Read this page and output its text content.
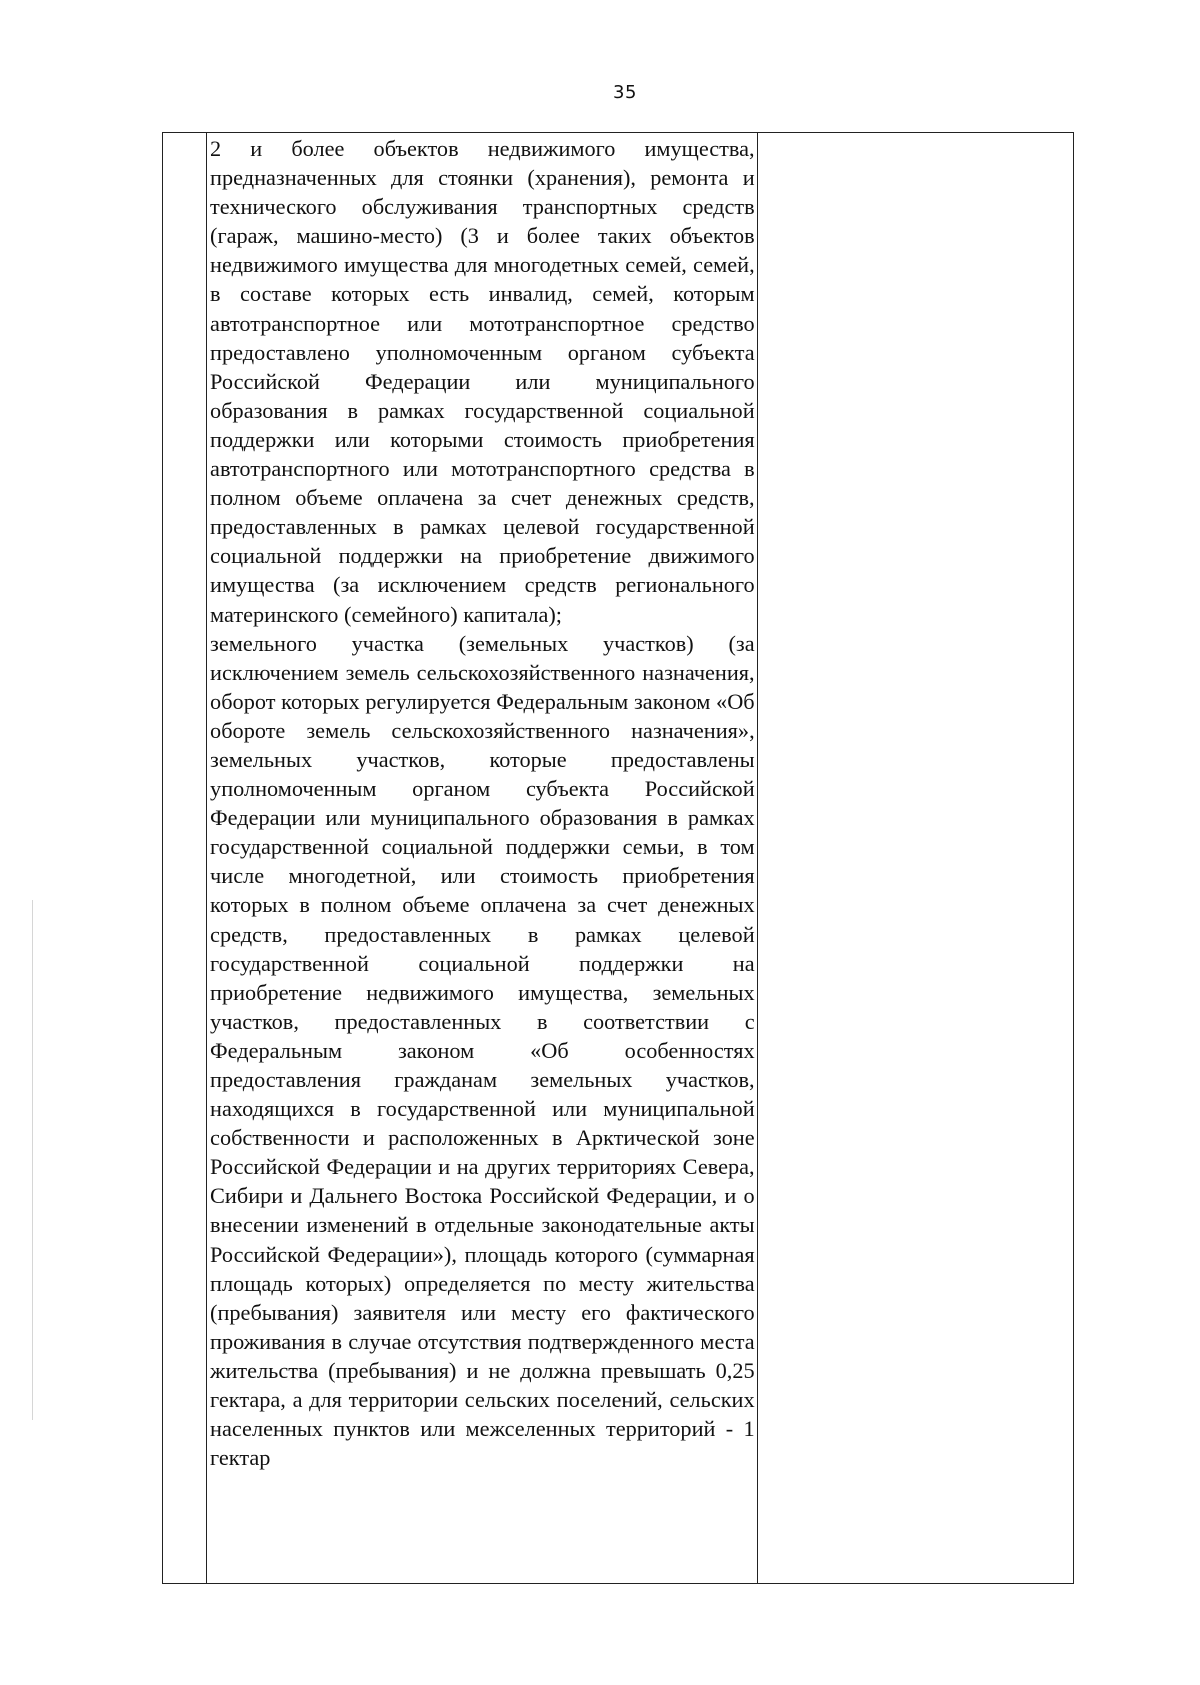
35

2 и более объектов недвижимого имущества, предназначенных для стоянки (хранения), ремонта и технического обслуживания транспортных средств (гараж, машино-место) (3 и более таких объектов недвижимого имущества для многодетных семей, семей, в составе которых есть инвалид, семей, которым автотранспортное или мототранспортное средство предоставлено уполномоченным органом субъекта Российской Федерации или муниципального образования в рамках государственной социальной поддержки или которыми стоимость приобретения автотранспортного или мототранспортного средства в полном объеме оплачена за счет денежных средств, предоставленных в рамках целевой государственной социальной поддержки на приобретение движимого имущества (за исключением средств регионального материнского (семейного) капитала);

земельного участка (земельных участков) (за исключением земель сельскохозяйственного назначения, оборот которых регулируется Федеральным законом «Об обороте земель сельскохозяйственного назначения», земельных участков, которые предоставлены уполномоченным органом субъекта Российской Федерации или муниципального образования в рамках государственной социальной поддержки семьи, в том числе многодетной, или стоимость приобретения которых в полном объеме оплачена за счет денежных средств, предоставленных в рамках целевой государственной социальной поддержки на приобретение недвижимого имущества, земельных участков, предоставленных в соответствии с Федеральным законом «Об особенностях предоставления гражданам земельных участков, находящихся в государственной или муниципальной собственности и расположенных в Арктической зоне Российской Федерации и на других территориях Севера, Сибири и Дальнего Востока Российской Федерации, и о внесении изменений в отдельные законодательные акты Российской Федерации»), площадь которого (суммарная площадь которых) определяется по месту жительства (пребывания) заявителя или месту его фактического проживания в случае отсутствия подтвержденного места жительства (пребывания) и не должна превышать 0,25 гектара, а для территории сельских поселений, сельских населенных пунктов или межселенных территорий - 1 гектар
